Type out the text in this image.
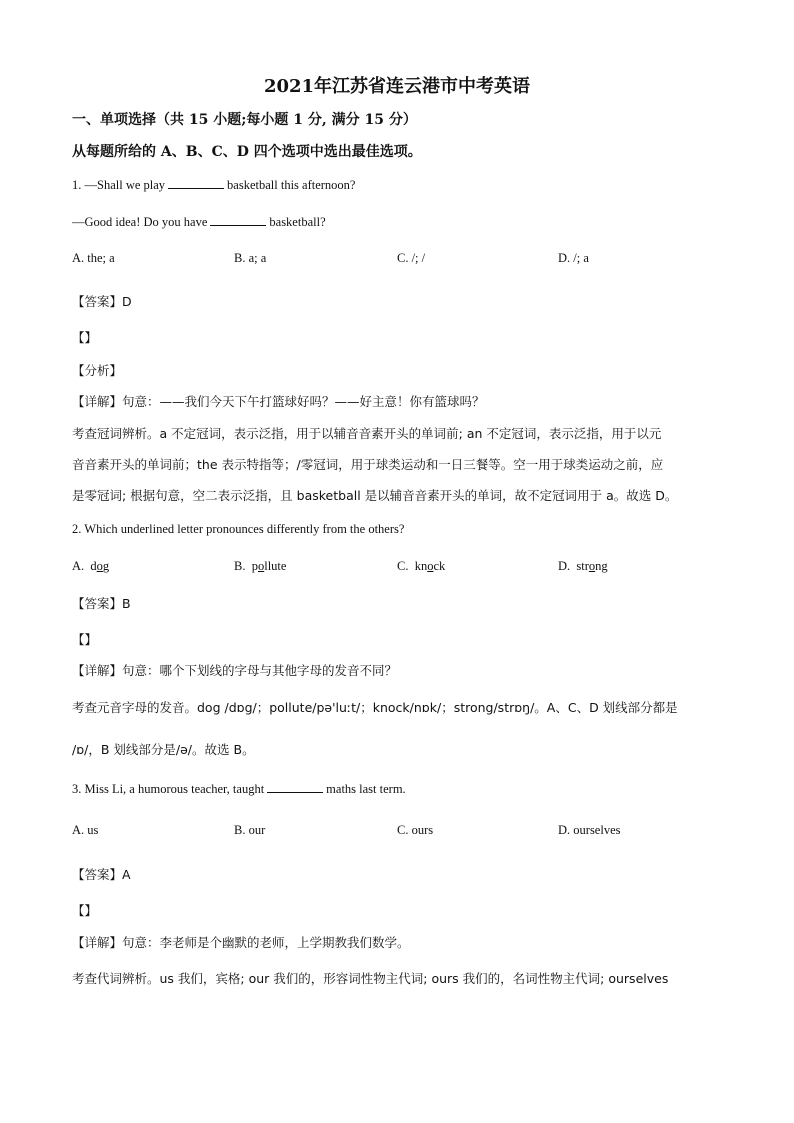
2021年江苏省连云港市中考英语
一、单项选择（共 15 小题;每小题 1 分, 满分 15 分）
从每题所给的 A、B、C、D 四个选项中选出最佳选项。
1. —Shall we play	basketball this afternoon?
—Good idea! Do you have	basketball?
A. the; a	B. a; a	C. /; /	D. /; a
【答案】D
【】
【分析】
【详解】句意：——我们今天下午打篮球好吗？——好主意！你有篮球吗？
考查冠词辨析。a 不定冠词，表示泛指，用于以辅音音素开头的单词前; an 不定冠词，表示泛指，用于以元
音音素开头的单词前；the 表示特指等；/零冠词，用于球类运动和一日三餐等。空一用于球类运动之前，应
是零冠词; 根据句意，空二表示泛指，且 basketball 是以辅音音素开头的单词，故不定冠词用于 a。故选 D。
2. Which underlined letter pronounces differently from the others?
A. dog	B. pollute	C. knock	D. strong
【答案】B
【】
【详解】句意：哪个下划线的字母与其他字母的发音不同？
考查元音字母的发音。dog /dɒg/；pollute/pə'luːt/；knock/nɒk/；strong/strɒŋ/。A、C、D 划线部分都是
/ɒ/，B 划线部分是/ə/。故选 B。
3. Miss Li, a humorous teacher, taught	maths last term.
A. us	B. our	C. ours	D. ourselves
【答案】A
【】
【详解】句意：李老师是个幽默的老师，上学期教我们数学。
考查代词辨析。us 我们，宾格; our 我们的，形容词性物主代词; ours 我们的，名词性物主代词; ourselves
